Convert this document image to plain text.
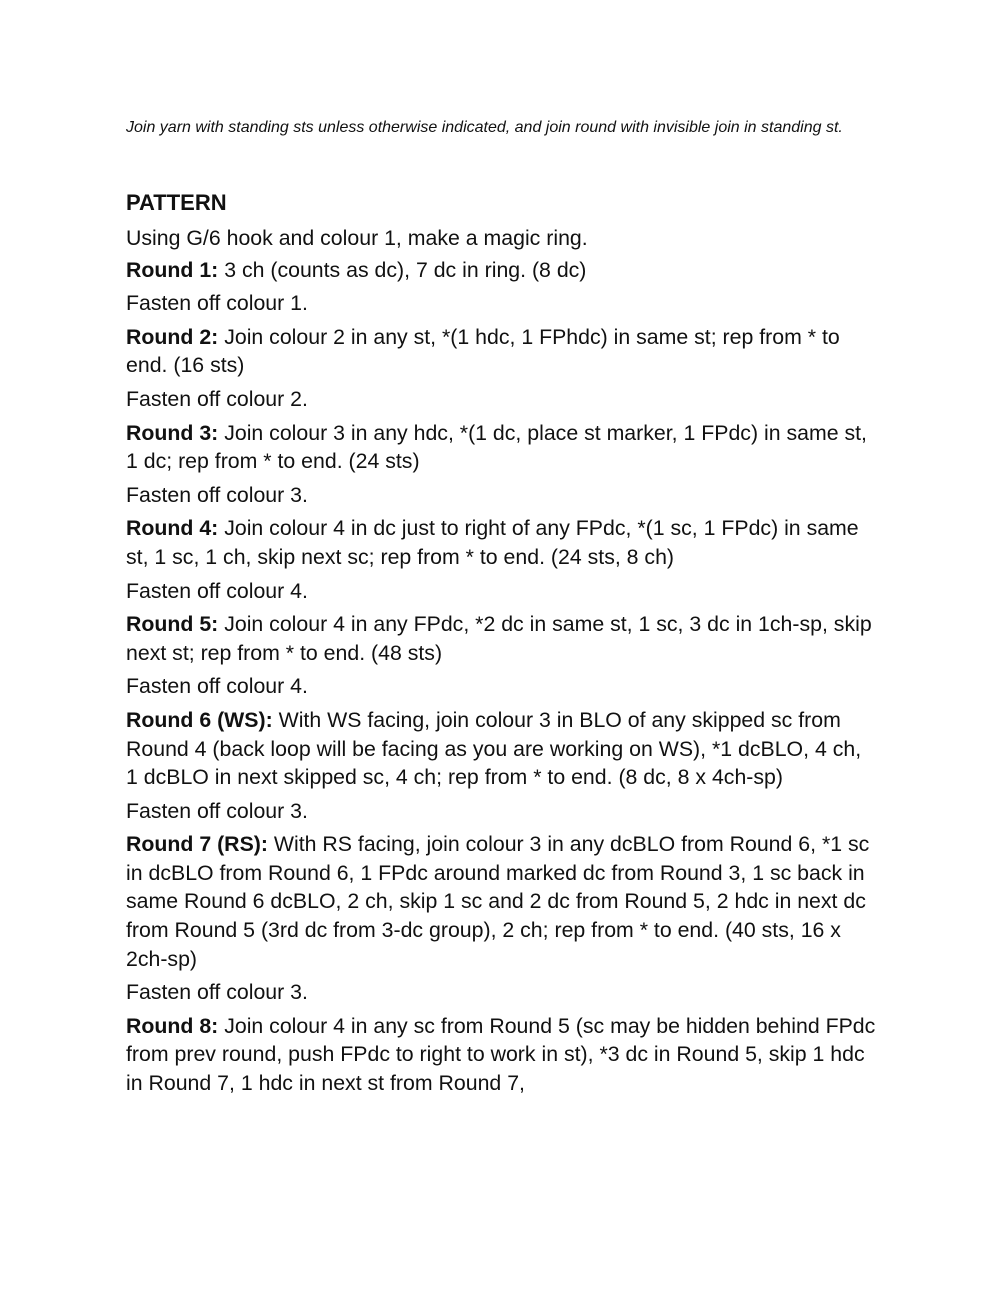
Join yarn with standing sts unless otherwise indicated, and join round with invisible join in standing st.

PATTERN

Using G/6 hook and colour 1, make a magic ring.

Round 1: 3 ch (counts as dc), 7 dc in ring. (8 dc)

Fasten off colour 1.

Round 2: Join colour 2 in any st, *(1 hdc, 1 FPhdc) in same st; rep from * to end. (16 sts)

Fasten off colour 2.

Round 3: Join colour 3 in any hdc, *(1 dc, place st marker, 1 FPdc) in same st, 1 dc; rep from * to end. (24 sts)

Fasten off colour 3.

Round 4: Join colour 4 in dc just to right of any FPdc, *(1 sc, 1 FPdc) in same st, 1 sc, 1 ch, skip next sc; rep from * to end. (24 sts, 8 ch)

Fasten off colour 4.

Round 5: Join colour 4 in any FPdc, *2 dc in same st, 1 sc, 3 dc in 1ch-sp, skip next st; rep from * to end. (48 sts)

Fasten off colour 4.

Round 6 (WS): With WS facing, join colour 3 in BLO of any skipped sc from Round 4 (back loop will be facing as you are working on WS), *1 dcBLO, 4 ch, 1 dcBLO in next skipped sc, 4 ch; rep from * to end. (8 dc, 8 x 4ch-sp)

Fasten off colour 3.

Round 7 (RS): With RS facing, join colour 3 in any dcBLO from Round 6, *1 sc in dcBLO from Round 6, 1 FPdc around marked dc from Round 3, 1 sc back in same Round 6 dcBLO, 2 ch, skip 1 sc and 2 dc from Round 5, 2 hdc in next dc from Round 5 (3rd dc from 3-dc group), 2 ch; rep from * to end. (40 sts, 16 x 2ch-sp)

Fasten off colour 3.

Round 8: Join colour 4 in any sc from Round 5 (sc may be hidden behind FPdc from prev round, push FPdc to right to work in st), *3 dc in Round 5, skip 1 hdc in Round 7, 1 hdc in next st from Round 7,
